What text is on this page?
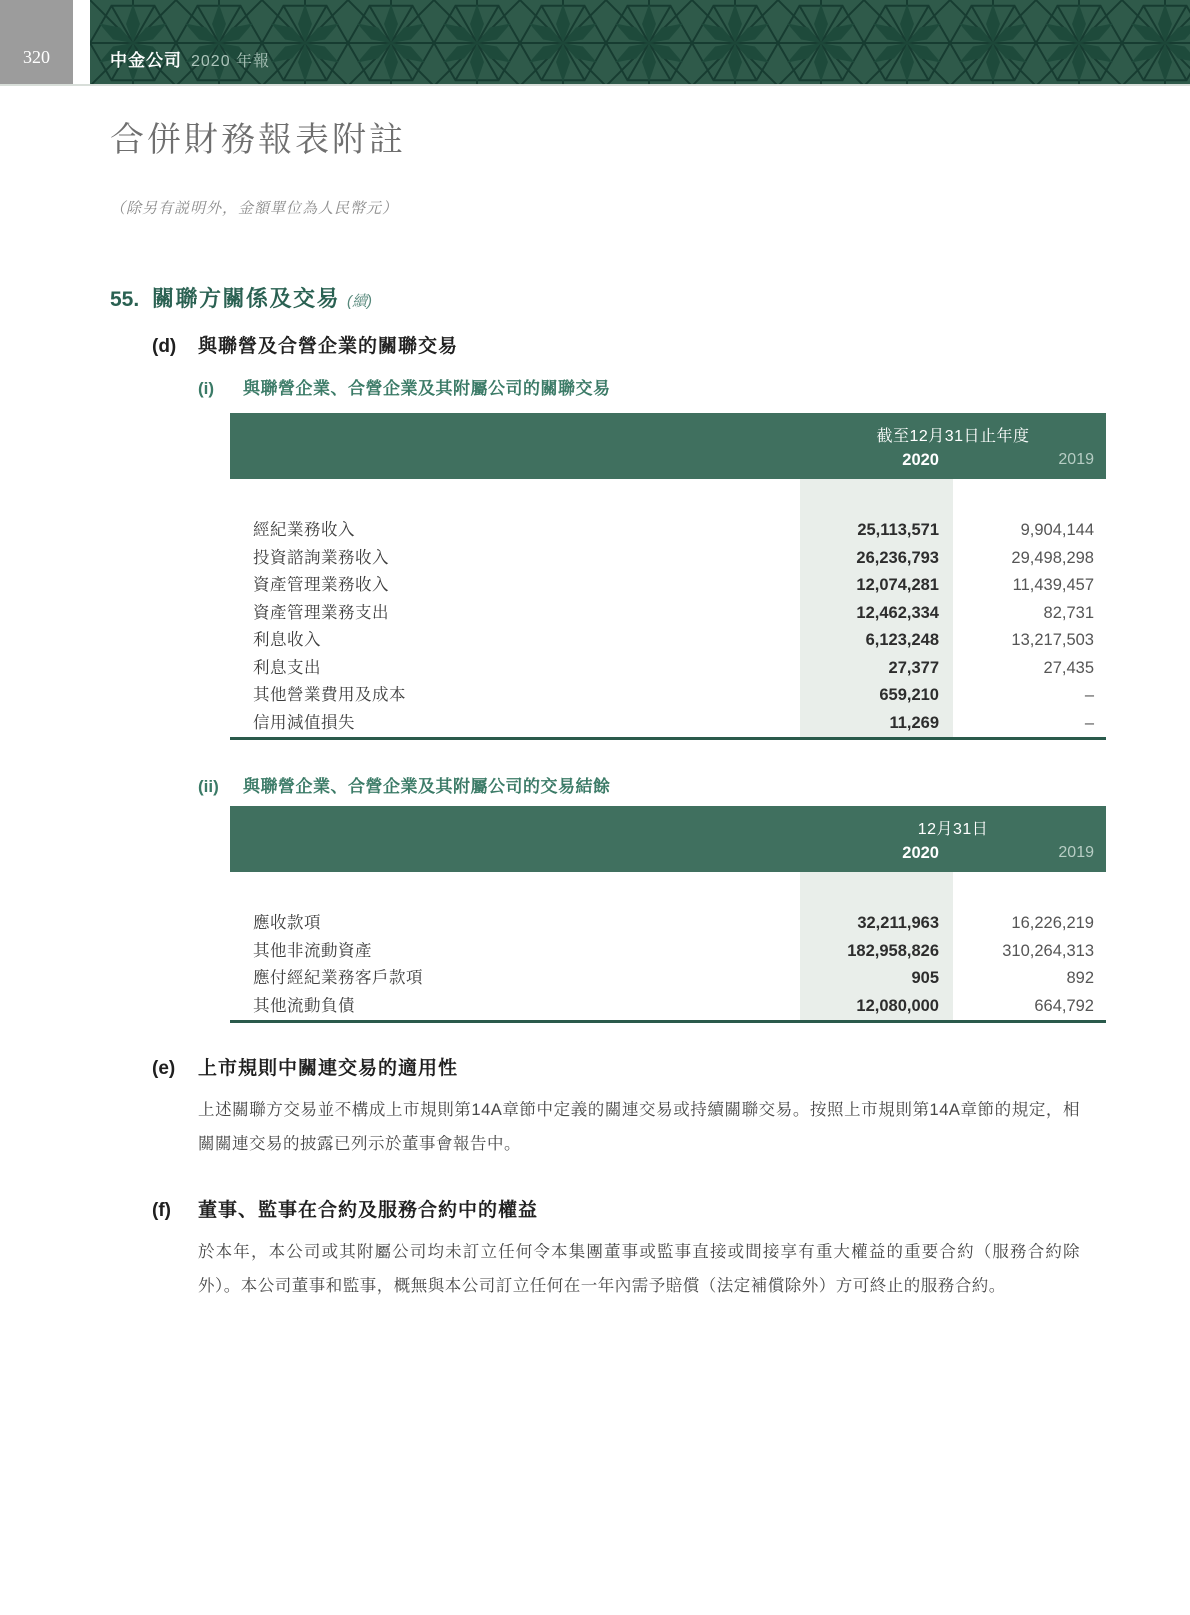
320	中金公司 2020 年報
合併財務報表附註
（除另有説明外，金額單位為人民幣元）
55. 關聯方關係及交易 (續)
(d)	與聯營及合營企業的關聯交易
(i)	與聯營企業、合營企業及其附屬公司的關聯交易
截至12月31日止年度
2020	2019
經紀業務收入	25,113,571	9,904,144
投資諮詢業務收入	26,236,793	29,498,298
資產管理業務收入	12,074,281	11,439,457
資產管理業務支出	12,462,334	82,731
利息收入	6,123,248	13,217,503
利息支出	27,377	27,435
其他營業費用及成本	659,210	–
信用減值損失	11,269	–
(ii)	與聯營企業、合營企業及其附屬公司的交易結餘
12月31日
2020	2019
應收款項	32,211,963	16,226,219
其他非流動資產	182,958,826	310,264,313
應付經紀業務客戶款項	905	892
其他流動負債	12,080,000	664,792
(e)	上市規則中關連交易的適用性
上述關聯方交易並不構成上市規則第14A章節中定義的關連交易或持續關聯交易。按照上市規則第14A章節的規定，相關關連交易的披露已列示於董事會報告中。
(f)	董事、監事在合約及服務合約中的權益
於本年，本公司或其附屬公司均未訂立任何令本集團董事或監事直接或間接享有重大權益的重要合約（服務合約除外）。本公司董事和監事，概無與本公司訂立任何在一年內需予賠償（法定補償除外）方可終止的服務合約。
